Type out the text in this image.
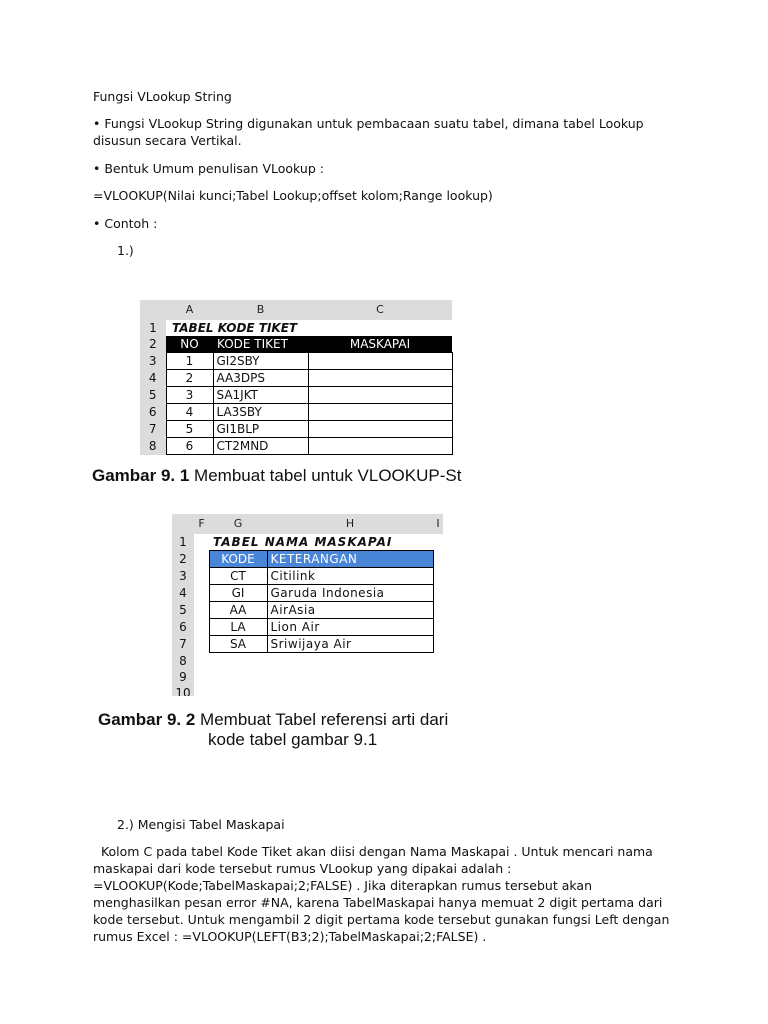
Fungsi VLookup String

• Fungsi VLookup String digunakan untuk pembacaan suatu tabel, dimana tabel Lookup disusun secara Vertikal.

• Bentuk Umum penulisan VLookup :

=VLOOKUP(Nilai kunci;Tabel Lookup;offset kolom;Range lookup)

• Contoh :

1.)

	A	B	C
1	TABEL KODE TIKET		
2	NO	KODE TIKET	MASKAPAI
3	1	GI2SBY	
4	2	AA3DPS	
5	3	SA1JKT	
6	4	LA3SBY	
7	5	GI1BLP	
8	6	CT2MND	
Gambar 9. 1 Membuat tabel untuk VLOOKUP-St
	F	G	H	I
1		TABEL NAMA MASKAPAI		
2		KODE	KETERANGAN	
3		CT	Citilink	
4		GI	Garuda Indonesia	
5		AA	AirAsia	
6		LA	Lion Air	
7		SA	Sriwijaya Air	
8				
9				
10				
Gambar 9. 2 Membuat Tabel referensi arti dari
kode tabel gambar 9.1

2.) Mengisi Tabel Maskapai

Kolom C pada tabel Kode Tiket akan diisi dengan Nama Maskapai . Untuk mencari nama maskapai dari kode tersebut rumus VLookup yang dipakai adalah :  =VLOOKUP(Kode;TabelMaskapai;2;FALSE) . Jika diterapkan rumus tersebut akan menghasilkan pesan error #NA, karena TabelMaskapai hanya memuat 2 digit pertama dari kode tersebut. Untuk mengambil 2 digit pertama kode tersebut gunakan fungsi Left dengan rumus Excel : =VLOOKUP(LEFT(B3;2);TabelMaskapai;2;FALSE) .
